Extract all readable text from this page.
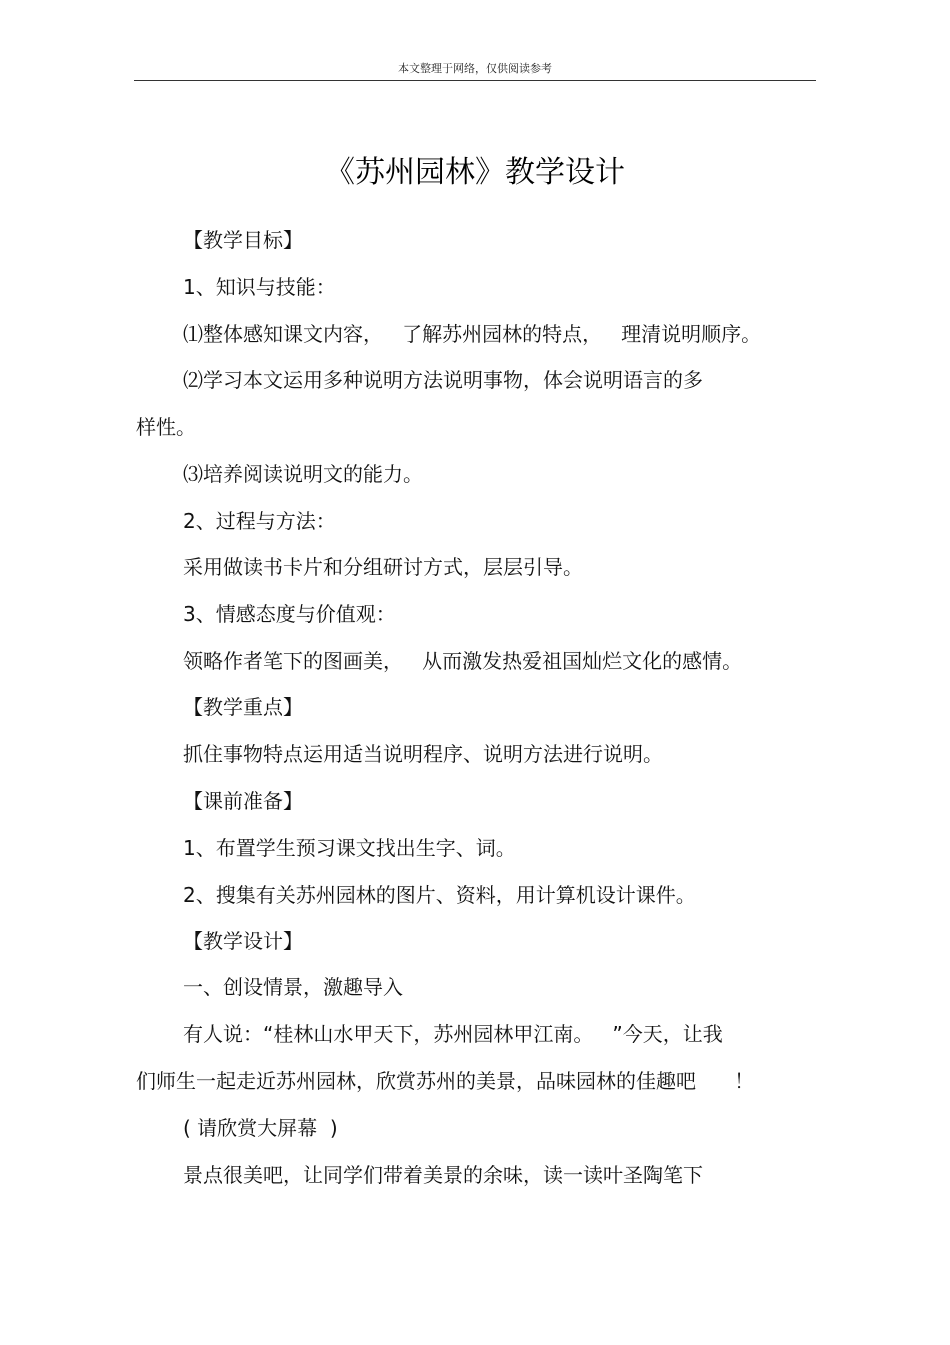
本文整理于网络，仅供阅读参考
《苏州园林》教学设计
【教学目标】
1、知识与技能：
⑴整体感知课文内容，   了解苏州园林的特点，   理清说明顺序。
⑵学习本文运用多种说明方法说明事物，体会说明语言的多
样性。
⑶培养阅读说明文的能力。
2、过程与方法：
采用做读书卡片和分组研讨方式，层层引导。
3、情感态度与价值观：
领略作者笔下的图画美，   从而激发热爱祖国灿烂文化的感情。
【教学重点】
抓住事物特点运用适当说明程序、说明方法进行说明。
【课前准备】
1、布置学生预习课文找出生字、词。
2、搜集有关苏州园林的图片、资料，用计算机设计课件。
【教学设计】
一、创设情景，激趣导入
有人说：“桂林山水甲天下，苏州园林甲江南。   ”今天，让我
们师生一起走近苏州园林，欣赏苏州的美景，品味园林的佳趣吧      ！
( 请欣赏大屏幕  )
景点很美吧，让同学们带着美景的余味，读一读叶圣陶笔下
